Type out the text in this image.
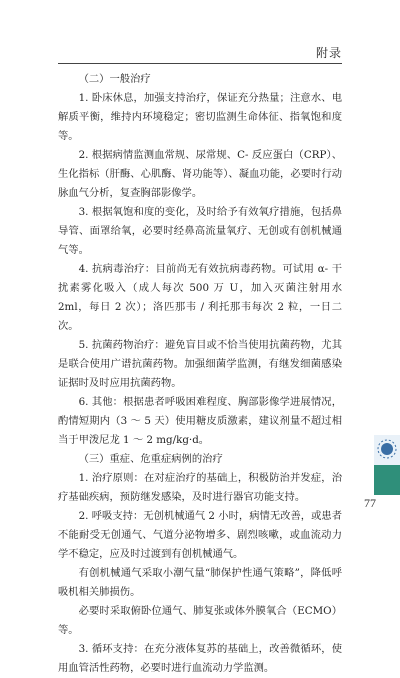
附录

（二）一般治疗

1. 卧床休息，加强支持治疗，保证充分热量；注意水、电解质平衡，维持内环境稳定；密切监测生命体征、指氧饱和度等。

2. 根据病情监测血常规、尿常规、C- 反应蛋白（CRP）、生化指标（肝酶、心肌酶、肾功能等）、凝血功能，必要时行动脉血气分析，复查胸部影像学。

3. 根据氧饱和度的变化，及时给予有效氧疗措施，包括鼻导管、面罩给氧，必要时经鼻高流量氧疗、无创或有创机械通气等。

4. 抗病毒治疗：目前尚无有效抗病毒药物。可试用 α- 干扰素雾化吸入（成人每次 500 万 U，加入灭菌注射用水 2ml，每日 2 次）；洛匹那韦 / 利托那韦每次 2 粒，一日二次。

5. 抗菌药物治疗：避免盲目或不恰当使用抗菌药物，尤其是联合使用广谱抗菌药物。加强细菌学监测，有继发细菌感染证据时及时应用抗菌药物。

6. 其他：根据患者呼吸困难程度、胸部影像学进展情况，酌情短期内（3 ～ 5 天）使用糖皮质激素，建议剂量不超过相当于甲泼尼龙 1 ～ 2 mg/kg·d。

（三）重症、危重症病例的治疗

1. 治疗原则：在对症治疗的基础上，积极防治并发症，治疗基础疾病，预防继发感染，及时进行器官功能支持。

2. 呼吸支持：无创机械通气 2 小时，病情无改善，或患者不能耐受无创通气、气道分泌物增多、剧烈咳嗽，或血流动力学不稳定，应及时过渡到有创机械通气。

有创机械通气采取小潮气量“肺保护性通气策略”，降低呼吸机相关肺损伤。

必要时采取俯卧位通气、肺复张或体外膜氧合（ECMO）等。

3. 循环支持：在充分液体复苏的基础上，改善微循环，使用血管活性药物，必要时进行血流动力学监测。

77
